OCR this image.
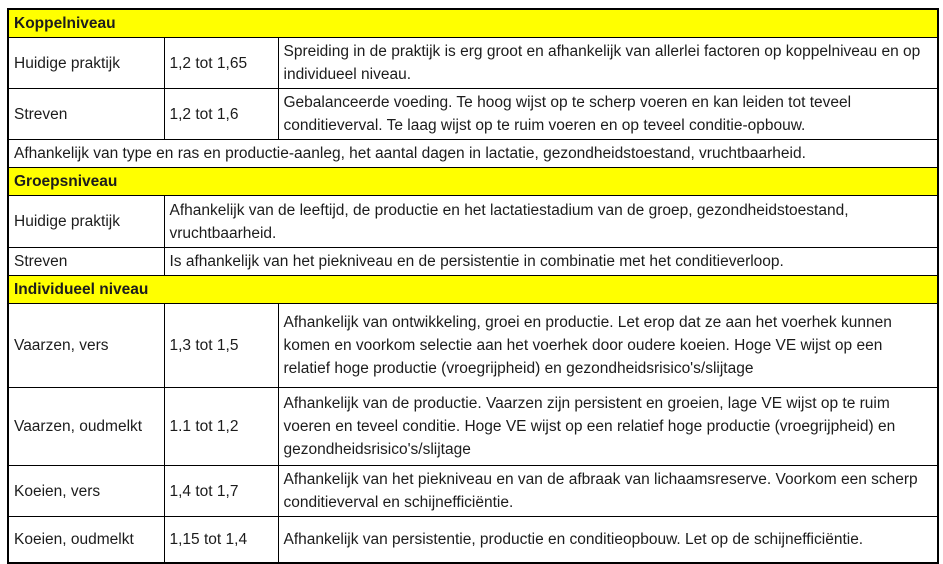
Koppelniveau		
Huidige praktijk	1,2 tot 1,65	Spreiding in de praktijk is erg groot en afhankelijk van allerlei factoren op koppelniveau en op individueel niveau.
Streven	1,2 tot 1,6	Gebalanceerde voeding. Te hoog wijst op te scherp voeren en kan leiden tot teveel conditieverval. Te laag wijst op te ruim voeren en op teveel conditie-opbouw.
Afhankelijk van type en ras en productie-aanleg, het aantal dagen in lactatie, gezondheidstoestand, vruchtbaarheid.		
Groepsniveau		
Huidige praktijk	Afhankelijk van de leeftijd, de productie en het lactatiestadium van de groep, gezondheidstoestand, vruchtbaarheid.	
Streven	Is afhankelijk van het piekniveau en de persistentie in combinatie met het conditieverloop.	
Individueel niveau		
Vaarzen, vers	1,3 tot 1,5	Afhankelijk van ontwikkeling, groei en productie. Let erop dat ze aan het voerhek kunnen komen en voorkom selectie aan het voerhek door oudere koeien. Hoge VE wijst op een relatief hoge productie (vroegrijpheid) en gezondheidsrisico's/slijtage
Vaarzen, oudmelkt	1.1 tot 1,2	Afhankelijk van de productie. Vaarzen zijn persistent en groeien, lage VE wijst op te ruim voeren en teveel conditie. Hoge VE wijst op een relatief hoge productie (vroegrijpheid) en gezondheidsrisico's/slijtage
Koeien, vers	1,4 tot 1,7	Afhankelijk van het piekniveau en van de afbraak van lichaamsreserve. Voorkom een scherp conditieverval en schijnefficiëntie.
Koeien, oudmelkt	1,15 tot 1,4	Afhankelijk van persistentie, productie en conditieopbouw. Let op de schijnefficiëntie.
